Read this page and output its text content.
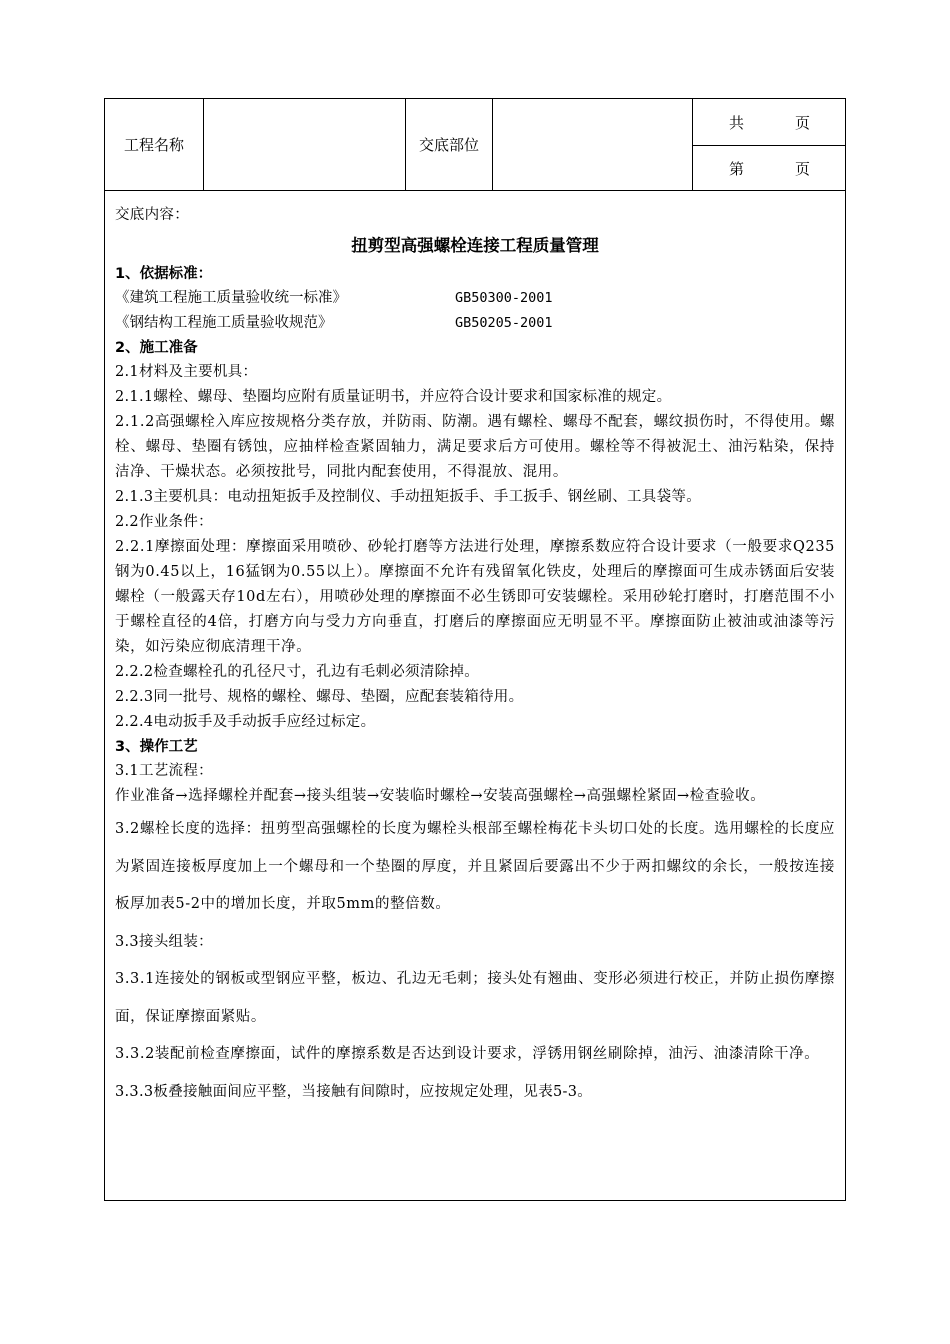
工程名称	交底部位
共	页
第	页
交底内容：
扭剪型高强螺栓连接工程质量管理
1、依据标准：
《建筑工程施工质量验收统一标准》	GB50300-2001
《钢结构工程施工质量验收规范》	GB50205-2001
2、施工准备
2.1材料及主要机具：
2.1.1螺栓、螺母、垫圈均应附有质量证明书，并应符合设计要求和国家标准的规定。

2.1.2高强螺栓入库应按规格分类存放，并防雨、防潮。遇有螺栓、螺母不配套，螺纹损伤时，不得使用。螺栓、螺母、垫圈有锈蚀，应抽样检查紧固轴力，满足要求后方可使用。螺栓等不得被泥土、油污粘染，保持洁净、干燥状态。必须按批号，同批内配套使用，不得混放、混用。

2.1.3主要机具：电动扭矩扳手及控制仪、手动扭矩扳手、手工扳手、钢丝刷、工具袋等。
2.2作业条件：

2.2.1摩擦面处理：摩擦面采用喷砂、砂轮打磨等方法进行处理，摩擦系数应符合设计要求（一般要求Q235钢为0.45以上，16猛钢为0.55以上）。摩擦面不允许有残留氧化铁皮，处理后的摩擦面可生成赤锈面后安装螺栓（一般露天存10d左右），用喷砂处理的摩擦面不必生锈即可安装螺栓。采用砂轮打磨时，打磨范围不小于螺栓直径的4倍，打磨方向与受力方向垂直，打磨后的摩擦面应无明显不平。摩擦面防止被油或油漆等污染，如污染应彻底清理干净。

2.2.2检查螺栓孔的孔径尺寸，孔边有毛刺必须清除掉。
2.2.3同一批号、规格的螺栓、螺母、垫圈，应配套装箱待用。
2.2.4电动扳手及手动扳手应经过标定。
3、操作工艺
3.1工艺流程：

作业准备→选择螺栓并配套→接头组装→安装临时螺栓→安装高强螺栓→高强螺栓紧固→检查验收。

3.2螺栓长度的选择：扭剪型高强螺栓的长度为螺栓头根部至螺栓梅花卡头切口处的长度。选用螺栓的长度应为紧固连接板厚度加上一个螺母和一个垫圈的厚度，并且紧固后要露出不少于两扣螺纹的余长，一般按连接板厚加表5-2中的增加长度，并取5mm的整倍数。

3.3接头组装：

3.3.1连接处的钢板或型钢应平整，板边、孔边无毛刺；接头处有翘曲、变形必须进行校正，并防止损伤摩擦面，保证摩擦面紧贴。

3.3.2装配前检查摩擦面，试件的摩擦系数是否达到设计要求，浮锈用钢丝刷除掉，油污、油漆清除干净。

3.3.3板叠接触面间应平整，当接触有间隙时，应按规定处理，见表5-3。
